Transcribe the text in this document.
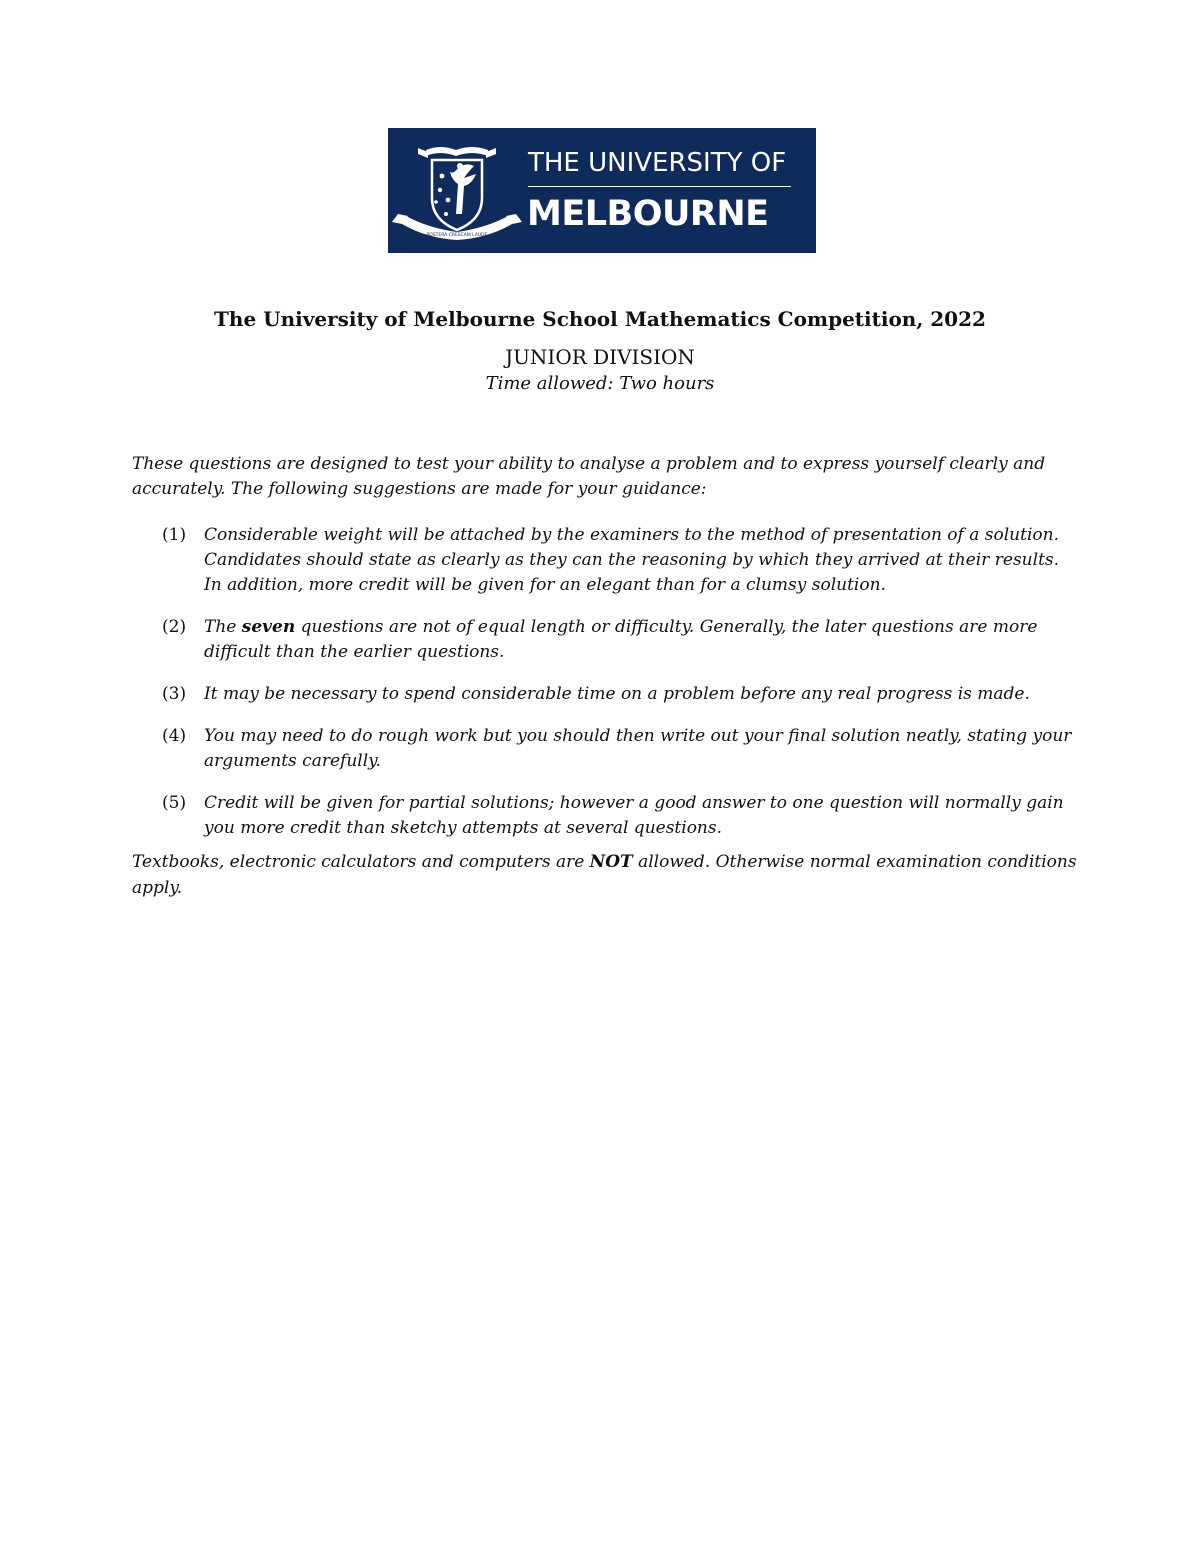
POSTERA CRESCAM LAUDE
THE UNIVERSITY OF
MELBOURNE
The University of Melbourne School Mathematics Competition, 2022
JUNIOR DIVISION
Time allowed: Two hours

These questions are designed to test your ability to analyse a problem and to express yourself clearly and accurately. The following suggestions are made for your guidance:

(1) Considerable weight will be attached by the examiners to the method of presentation of a solution. Candidates should state as clearly as they can the reasoning by which they arrived at their results. In addition, more credit will be given for an elegant than for a clumsy solution.
(2) The seven questions are not of equal length or difficulty. Generally, the later questions are more difficult than the earlier questions.
(3) It may be necessary to spend considerable time on a problem before any real progress is made.
(4) You may need to do rough work but you should then write out your final solution neatly, stating your arguments carefully.
(5) Credit will be given for partial solutions; however a good answer to one question will normally gain you more credit than sketchy attempts at several questions.

Textbooks, electronic calculators and computers are NOT allowed. Otherwise normal examination conditions apply.
